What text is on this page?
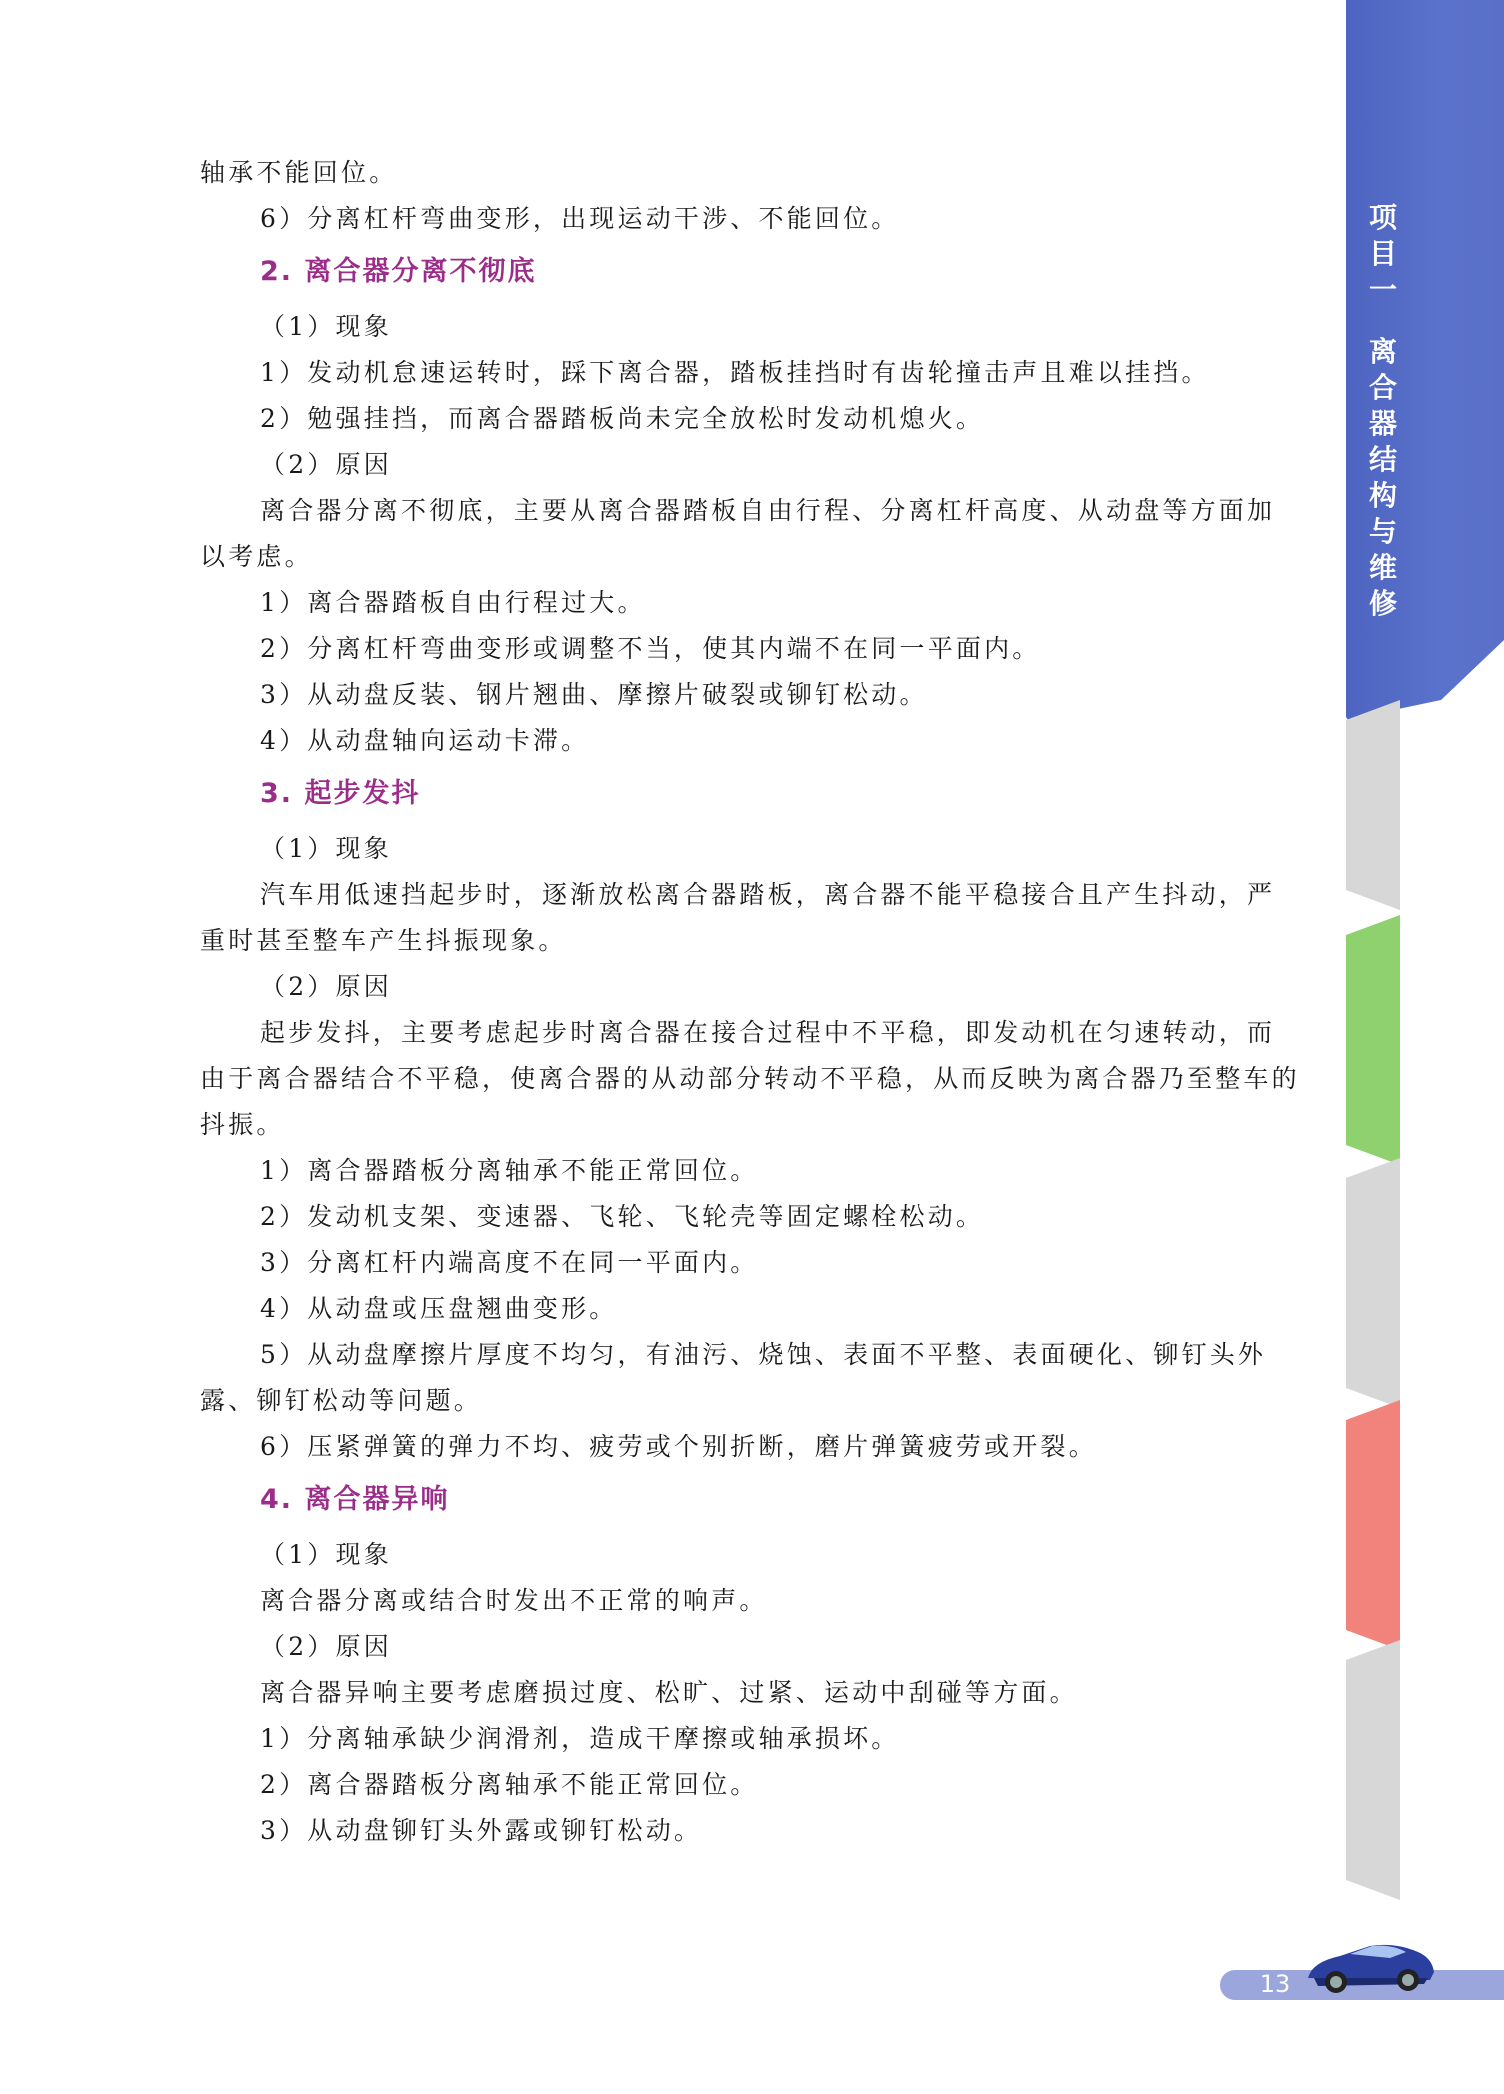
项
目
一
离
合
器
结
构
与
维
修

轴承不能回位。

6）分离杠杆弯曲变形，出现运动干涉、不能回位。

2. 离合器分离不彻底

（1）现象

1）发动机怠速运转时，踩下离合器，踏板挂挡时有齿轮撞击声且难以挂挡。

2）勉强挂挡，而离合器踏板尚未完全放松时发动机熄火。

（2）原因

离合器分离不彻底，主要从离合器踏板自由行程、分离杠杆高度、从动盘等方面加以考虑。

1）离合器踏板自由行程过大。

2）分离杠杆弯曲变形或调整不当，使其内端不在同一平面内。

3）从动盘反装、钢片翘曲、摩擦片破裂或铆钉松动。

4）从动盘轴向运动卡滞。

3. 起步发抖

（1）现象

汽车用低速挡起步时，逐渐放松离合器踏板，离合器不能平稳接合且产生抖动，严重时甚至整车产生抖振现象。

（2）原因

起步发抖，主要考虑起步时离合器在接合过程中不平稳，即发动机在匀速转动，而由于离合器结合不平稳，使离合器的从动部分转动不平稳，从而反映为离合器乃至整车的抖振。

1）离合器踏板分离轴承不能正常回位。

2）发动机支架、变速器、飞轮、飞轮壳等固定螺栓松动。

3）分离杠杆内端高度不在同一平面内。

4）从动盘或压盘翘曲变形。

5）从动盘摩擦片厚度不均匀，有油污、烧蚀、表面不平整、表面硬化、铆钉头外露、铆钉松动等问题。

6）压紧弹簧的弹力不均、疲劳或个别折断，磨片弹簧疲劳或开裂。

4. 离合器异响

（1）现象

离合器分离或结合时发出不正常的响声。

（2）原因

离合器异响主要考虑磨损过度、松旷、过紧、运动中刮碰等方面。

1）分离轴承缺少润滑剂，造成干摩擦或轴承损坏。

2）离合器踏板分离轴承不能正常回位。

3）从动盘铆钉头外露或铆钉松动。

13
